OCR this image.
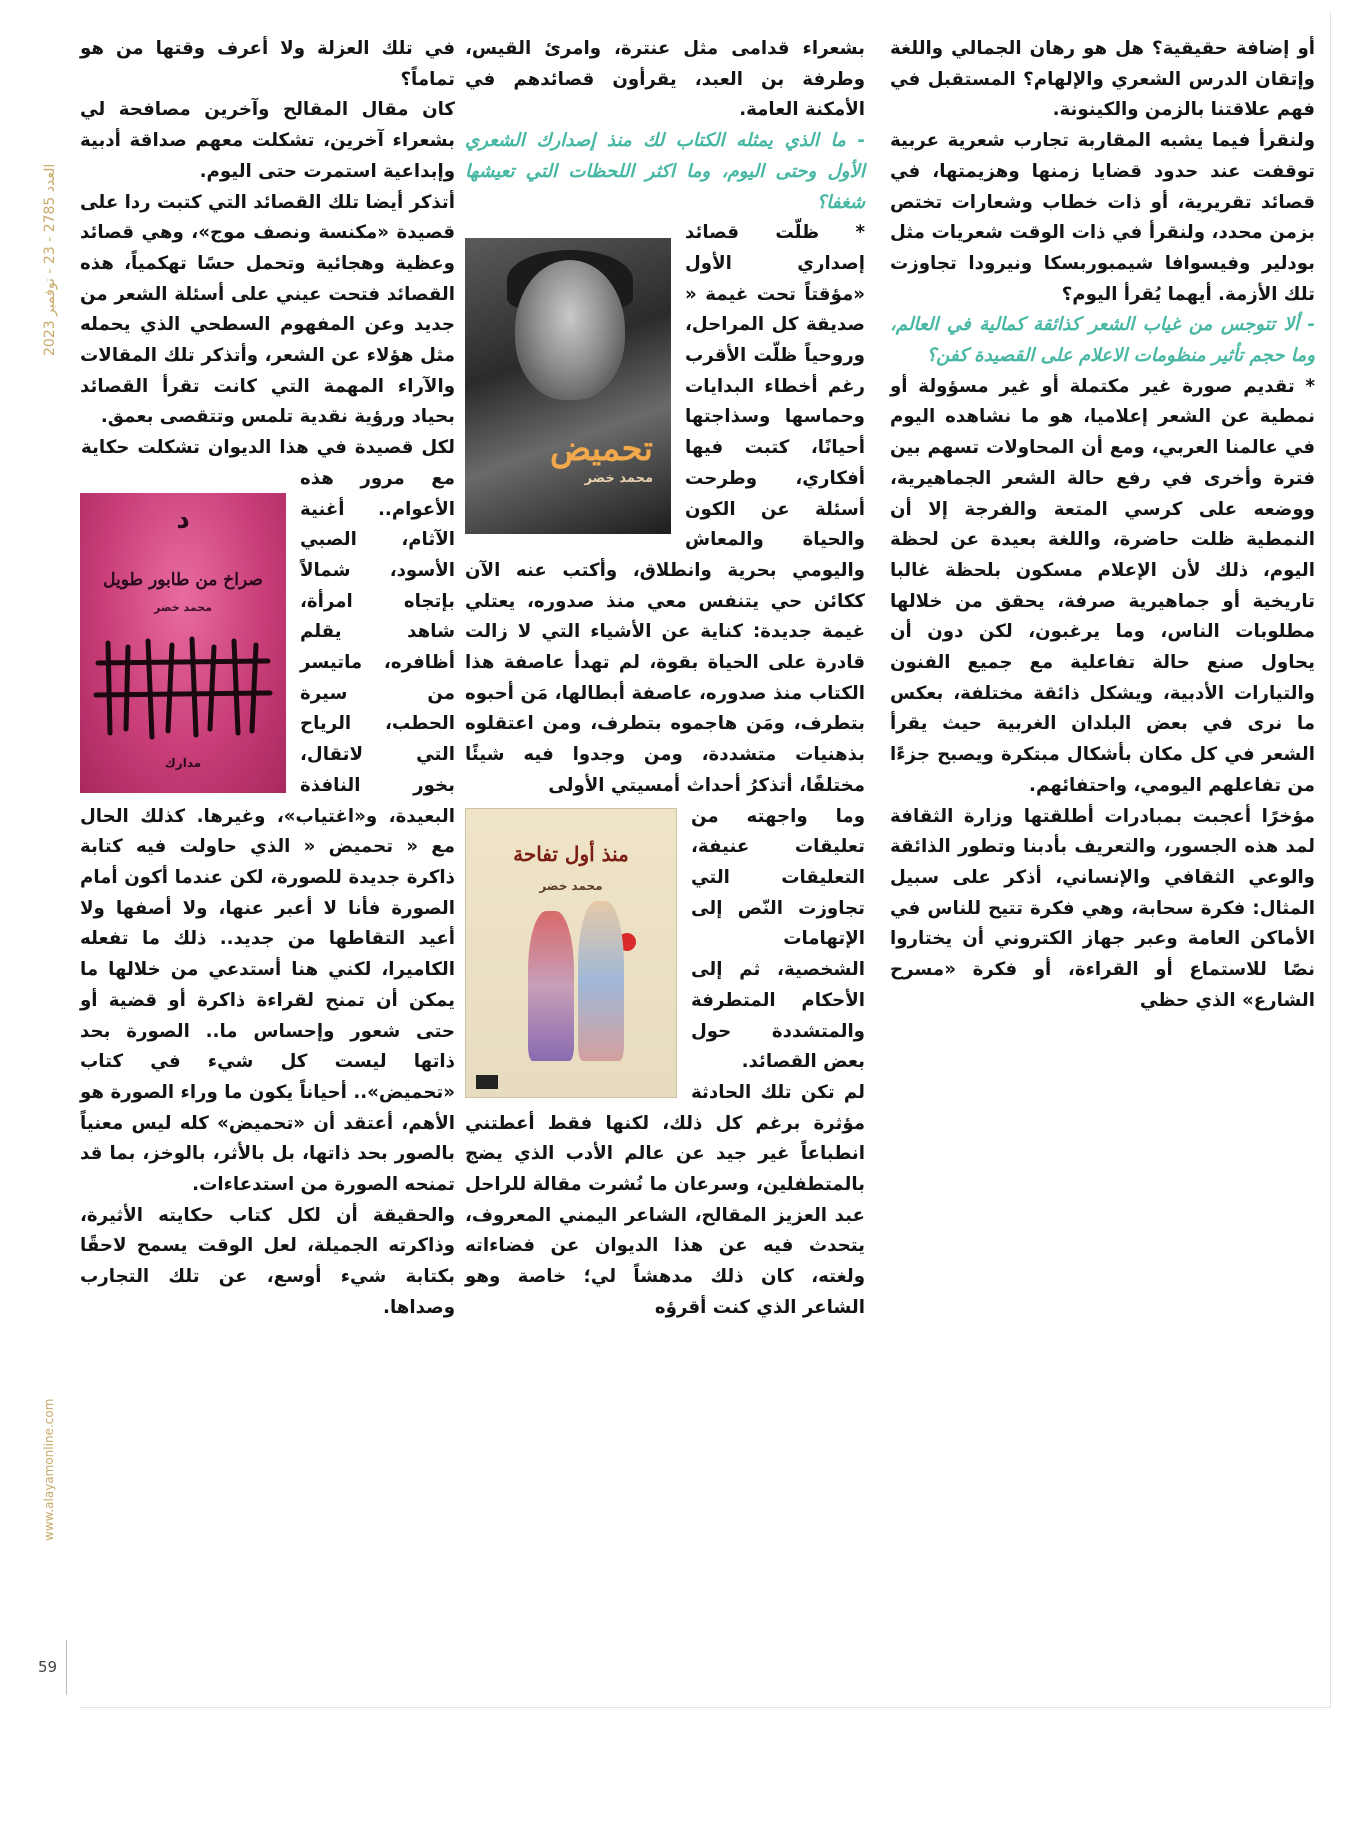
العدد 2785 - 23 - نوفمبر 2023
www.alayamonline.com
59

أو إضافة حقيقية؟ هل هو رهان الجمالي واللغة وإتقان الدرس الشعري والإلهام؟ المستقبل في فهم علاقتنا بالزمن والكينونة.

ولنقرأ فيما يشبه المقاربة تجارب شعرية عربية توقفت عند حدود قضايا زمنها وهزيمتها، في قصائد تقريرية، أو ذات خطاب وشعارات تختص بزمن محدد، ولنقرأ في ذات الوقت شعريات مثل بودلير وفيسوافا شيمبوربسكا ونيرودا تجاوزت تلك الأزمة. أيهما يُقرأ اليوم؟

- ألا تتوجس من غياب الشعر كذائقة كمالية في العالم، وما حجم تأثير منظومات الاعلام على القصيدة كفن؟

* تقديم صورة غير مكتملة أو غير مسؤولة أو نمطية عن الشعر إعلاميا، هو ما نشاهده اليوم في عالمنا العربي، ومع أن المحاولات تسهم بين فترة وأخرى في رفع حالة الشعر الجماهيرية، ووضعه على كرسي المتعة والفرجة إلا أن النمطية ظلت حاضرة، واللغة بعيدة عن لحظة اليوم، ذلك لأن الإعلام مسكون بلحظة غالبا تاريخية أو جماهيرية صرفة، يحقق من خلالها مطلوبات الناس، وما يرغبون، لكن دون أن يحاول صنع حالة تفاعلية مع جميع الفنون والتيارات الأدبية، ويشكل ذائقة مختلفة، بعكس ما نرى في بعض البلدان الغربية حيث يقرأ الشعر في كل مكان بأشكال مبتكرة ويصبح جزءًا من تفاعلهم اليومي، واحتفائهم.

مؤخرًا أعجبت بمبادرات أطلقتها وزارة الثقافة لمد هذه الجسور، والتعريف بأدبنا وتطور الذائقة والوعي الثقافي والإنساني، أذكر على سبيل المثال: فكرة سحابة، وهي فكرة تتيح للناس في الأماكن العامة وعبر جهاز الكتروني أن يختاروا نصًا للاستماع أو القراءة، أو فكرة «مسرح الشارع» الذي حظي

بشعراء قدامى مثل عنترة، وامرئ القيس، وطرفة بن العبد، يقرأون قصائدهم في الأمكنة العامة.

- ما الذي يمثله الكتاب لك منذ إصدارك الشعري الأول وحتى اليوم، وما اكثر اللحظات التي تعيشها شغفا؟

تحميض
محمد خضر

* ظلّت قصائد إصداري الأول «مؤقتاً تحت غيمة « صديقة كل المراحل، وروحياً ظلّت الأقرب رغم أخطاء البدايات وحماسها وسذاجتها أحيانًا، كتبت فيها أفكاري، وطرحت أسئلة عن الكون والحياة والمعاش واليومي بحرية وانطلاق، وأكتب عنه الآن ككائن حي يتنفس معي منذ صدوره، يعتلي غيمة جديدة: كناية عن الأشياء التي لا زالت قادرة على الحياة بقوة، لم تهدأ عاصفة هذا الكتاب منذ صدوره، عاصفة أبطالها، مَن أحبوه بتطرف، ومَن هاجموه بتطرف، ومن اعتقلوه بذهنيات متشددة، ومن وجدوا فيه شيئًا مختلفًا، أتذكرُ أحداث أمسيتي الأولى

منذ أول تفاحة
محمد خضر

وما واجهته من تعليقات عنيفة، التعليقات التي تجاوزت النّص إلى الإتهامات الشخصية، ثم إلى الأحكام المتطرفة والمتشددة حول بعض القصائد.

لم تكن تلك الحادثة مؤثرة برغم كل ذلك، لكنها فقط أعطتني انطباعاً غير جيد عن عالم الأدب الذي يضج بالمتطفلين، وسرعان ما نُشرت مقالة للراحل عبد العزيز المقالح، الشاعر اليمني المعروف، يتحدث فيه عن هذا الديوان عن فضاءاته ولغته، كان ذلك مدهشاً لي؛ خاصة وهو الشاعر الذي كنت أقرؤه

في تلك العزلة ولا أعرف وقتها من هو تماماً؟

كان مقال المقالح وآخرين مصافحة لي بشعراء آخرين، تشكلت معهم صداقة أدبية وإبداعية استمرت حتى اليوم.

أتذكر أيضا تلك القصائد التي كتبت ردا على قصيدة «مكنسة ونصف موج»، وهي قصائد وعظية وهجائية وتحمل حسًا تهكمياً، هذه القصائد فتحت عيني على أسئلة الشعر من جديد وعن المفهوم السطحي الذي يحمله مثل هؤلاء عن الشعر، وأتذكر تلك المقالات والآراء المهمة التي كانت تقرأ القصائد بحياد ورؤية نقدية تلمس وتتقصى بعمق.

د
صراخ من طابور طويل
محمد خضر
مدارك

لكل قصيدة في هذا الديوان تشكلت حكاية مع مرور هذه الأعوام.. أغنية الآثام، الصبي الأسود، شمالاً بإتجاه امرأة، شاهد يقلم أظافره، ماتيسر من سيرة الحطب، الرياح التي لاتقال، بخور النافذة البعيدة، و«اغتياب»، وغيرها. كذلك الحال مع « تحميض « الذي حاولت فيه كتابة ذاكرة جديدة للصورة، لكن عندما أكون أمام الصورة فأنا لا أعبر عنها، ولا أصفها ولا أعيد التقاطها من جديد.. ذلك ما تفعله الكاميرا، لكني هنا أستدعي من خلالها ما يمكن أن تمنح لقراءة ذاكرة أو قضية أو حتى شعور وإحساس ما.. الصورة بحد ذاتها ليست كل شيء في كتاب «تحميض».. أحياناً يكون ما وراء الصورة هو الأهم، أعتقد أن «تحميض» كله ليس معنياً بالصور بحد ذاتها، بل بالأثر، بالوخز، بما قد تمنحه الصورة من استدعاءات.

والحقيقة أن لكل كتاب حكايته الأثيرة، وذاكرته الجميلة، لعل الوقت يسمح لاحقًا بكتابة شيء أوسع، عن تلك التجارب وصداها.
